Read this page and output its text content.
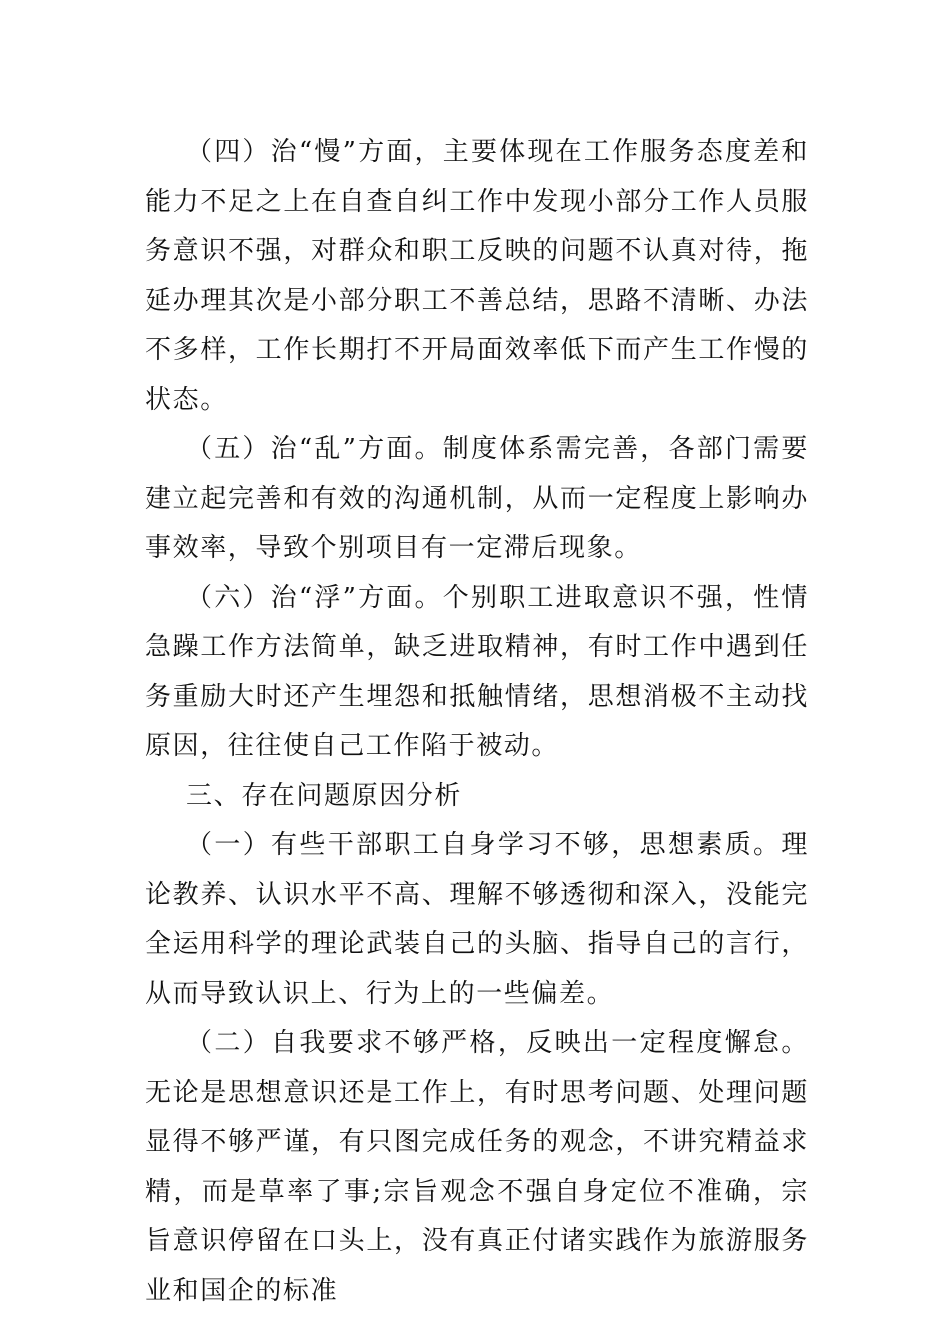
（四）治“慢”方面，主要体现在工作服务态度差和能力不足之上在自查自纠工作中发现小部分工作人员服务意识不强，对群众和职工反映的问题不认真对待，拖延办理其次是小部分职工不善总结，思路不清晰、办法不多样，工作长期打不开局面效率低下而产生工作慢的状态。

（五）治“乱”方面。制度体系需完善，各部门需要建立起完善和有效的沟通机制，从而一定程度上影响办事效率，导致个别项目有一定滞后现象。

（六）治“浮”方面。个别职工进取意识不强，性情急躁工作方法简单，缺乏进取精神，有时工作中遇到任务重励大时还产生埋怨和抵触情绪，思想消极不主动找原因，往往使自己工作陷于被动。

三、存在问题原因分析

（一）有些干部职工自身学习不够，思想素质。理论教养、认识水平不高、理解不够透彻和深入，没能完全运用科学的理论武装自己的头脑、指导自己的言行，从而导致认识上、行为上的一些偏差。

（二）自我要求不够严格，反映出一定程度懈怠。无论是思想意识还是工作上，有时思考问题、处理问题显得不够严谨，有只图完成任务的观念，不讲究精益求精，而是草率了事;宗旨观念不强自身定位不准确，宗旨意识停留在口头上，没有真正付诸实践作为旅游服务业和国企的标准
